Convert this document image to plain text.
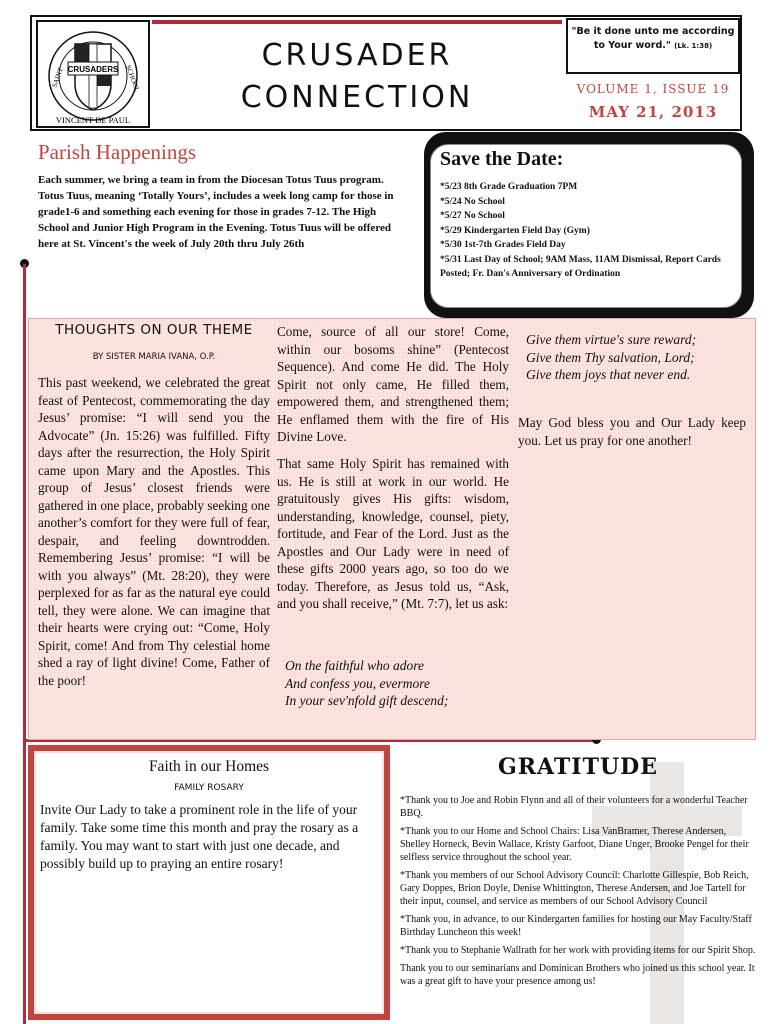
CRUSADERS
SAINT	SCHOOL
VINCENT DE PAUL
CRUSADER
CONNECTION
"Be it done unto me according to Your word." (Lk. 1:38)
VOLUME 1, ISSUE 19
MAY 21, 2013
Parish Happenings
Each summer, we bring a team in from the Diocesan Totus Tuus program. Totus Tuus, meaning ‘Totally Yours’, includes a week long camp for those in grade1-6 and something each evening for those in grades 7-12. The High School and Junior High Program in the Evening. Totus Tuus will be offered here at St. Vincent's the week of July 20th thru July 26th
Save the Date:
*5/23 8th Grade Graduation 7PM
*5/24 No School
*5/27 No School
*5/29 Kindergarten Field Day (Gym)
*5/30 1st-7th Grades Field Day
*5/31 Last Day of School; 9AM Mass, 11AM Dismissal, Report Cards Posted; Fr. Dan's Anniversary of Ordination
THOUGHTS ON OUR THEME
BY SISTER MARIA IVANA, O.P.
This past weekend, we celebrated the great feast of Pentecost, commemorating the day Jesus’ promise: “I will send you the Advocate” (Jn. 15:26) was fulfilled. Fifty days after the resurrection, the Holy Spirit came upon Mary and the Apostles. This group of Jesus’ closest friends were gathered in one place, probably seeking one another’s comfort for they were full of fear, despair, and feeling downtrodden. Remembering Jesus’ promise: “I will be with you always” (Mt. 28:20), they were perplexed for as far as the natural eye could tell, they were alone. We can imagine that their hearts were crying out: “Come, Holy Spirit, come! And from Thy celestial home shed a ray of light divine! Come, Father of the poor!
Come, source of all our store! Come, within our bosoms shine” (Pentecost Sequence). And come He did. The Holy Spirit not only came, He filled them, empowered them, and strengthened them; He enflamed them with the fire of His Divine Love.
That same Holy Spirit has remained with us. He is still at work in our world. He gratuitously gives His gifts: wisdom, understanding, knowledge, counsel, piety, fortitude, and Fear of the Lord. Just as the Apostles and Our Lady were in need of these gifts 2000 years ago, so too do we today. Therefore, as Jesus told us, “Ask, and you shall receive,” (Mt. 7:7), let us ask:
On the faithful who adore
And confess you, evermore
In your sev'nfold gift descend;
Give them virtue's sure reward;
Give them Thy salvation, Lord;
Give them joys that never end.
May God bless you and Our Lady keep you. Let us pray for one another!
Faith in our Homes
FAMILY ROSARY
Invite Our Lady to take a prominent role in the life of your family. Take some time this month and pray the rosary as a family. You may want to start with just one decade, and possibly build up to praying an entire rosary!
GRATITUDE

*Thank you to Joe and Robin Flynn and all of their volunteers for a wonderful Teacher BBQ.

*Thank you to our Home and School Chairs: Lisa VanBramer, Therese Andersen, Shelley Horneck, Bevin Wallace, Kristy Garfoot, Diane Unger, Brooke Pengel for their selfless service throughout the school year.

*Thank you members of our School Advisory Council: Charlotte Gillespie, Bob Reich, Gary Doppes, Brion Doyle, Denise Whittington, Therese Andersen, and Joe Tartell for their input, counsel, and service as members of our School Advisory Council

*Thank you, in advance, to our Kindergarten families for hosting our May Faculty/Staff Birthday Luncheon this week!

*Thank you to Stephanie Wallrath for her work with providing items for our Spirit Shop.

Thank you to our seminarians and Dominican Brothers who joined us this school year. It was a great gift to have your presence among us!
